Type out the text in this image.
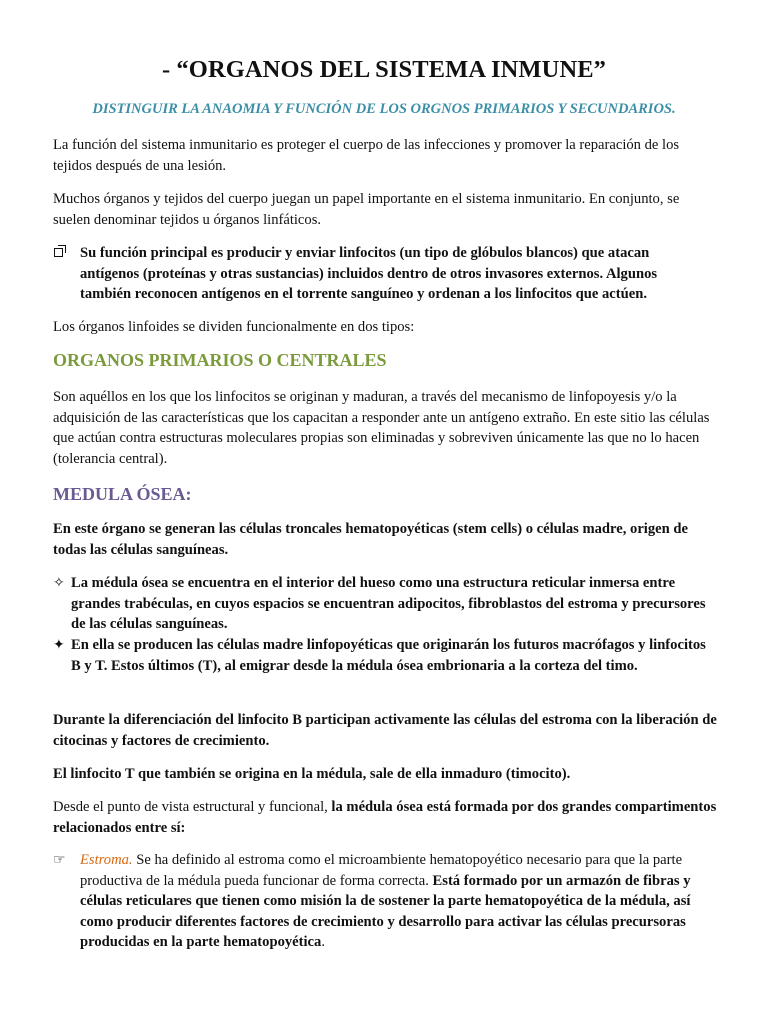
- “ORGANOS DEL SISTEMA INMUNE”
DISTINGUIR LA ANAOMIA Y FUNCIÓN DE LOS ORGNOS PRIMARIOS Y SECUNDARIOS.
La función del sistema inmunitario es proteger el cuerpo de las infecciones y promover la reparación de los tejidos después de una lesión.
Muchos órganos y tejidos del cuerpo juegan un papel importante en el sistema inmunitario. En conjunto, se suelen denominar tejidos u órganos linfáticos.
Su función principal es producir y enviar linfocitos (un tipo de glóbulos blancos) que atacan antígenos (proteínas y otras sustancias) incluidos dentro de otros invasores externos. Algunos también reconocen antígenos en el torrente sanguíneo y ordenan a los linfocitos que actúen.
Los órganos linfoides se dividen funcionalmente en dos tipos:
ORGANOS PRIMARIOS O CENTRALES
Son aquéllos en los que los linfocitos se originan y maduran, a través del mecanismo de linfopoyesis y/o la adquisición de las características que los capacitan a responder ante un antígeno extraño. En este sitio las células que actúan contra estructuras moleculares propias son eliminadas y sobreviven únicamente las que no lo hacen (tolerancia central).
MEDULA ÓSEA:
En este órgano se generan las células troncales hematopoyéticas (stem cells) o células madre, origen de todas las células sanguíneas.
✧ La médula ósea se encuentra en el interior del hueso como una estructura reticular inmersa entre grandes trabéculas, en cuyos espacios se encuentran adipocitos, fibroblastos del estroma y precursores de las células sanguíneas.
✦ En ella se producen las células madre linfopoyéticas que originarán los futuros macrófagos y linfocitos B y T. Estos últimos (T), al emigrar desde la médula ósea embrionaria a la corteza del timo.
Durante la diferenciación del linfocito B participan activamente las células del estroma con la liberación de citocinas y factores de crecimiento.
El linfocito T que también se origina en la médula, sale de ella inmaduro (timocito).
Desde el punto de vista estructural y funcional, la médula ósea está formada por dos grandes compartimentos relacionados entre sí:
☞ Estroma. Se ha definido al estroma como el microambiente hematopoyético necesario para que la parte productiva de la médula pueda funcionar de forma correcta. Está formado por un armazón de fibras y células reticulares que tienen como misión la de sostener la parte hematopoyética de la médula, así como producir diferentes factores de crecimiento y desarrollo para activar las células precursoras producidas en la parte hematopoyética.
